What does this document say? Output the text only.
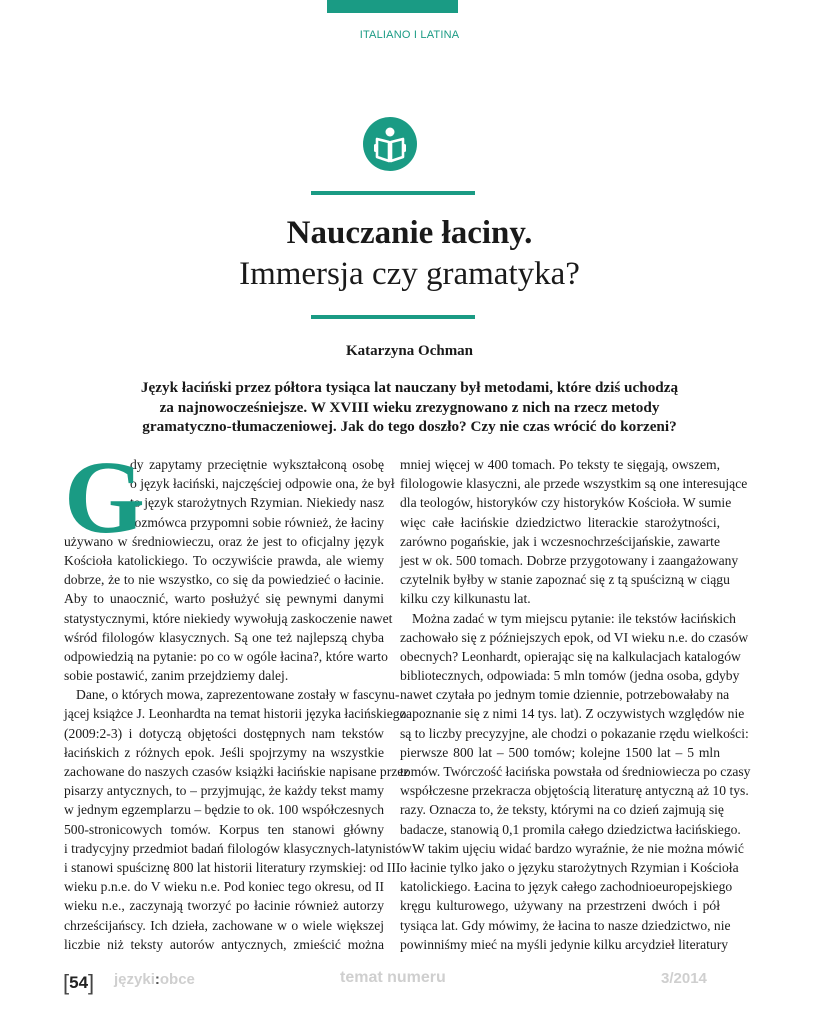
ITALIANO I LATINA
Nauczanie łaciny.
Immersja czy gramatyka?
Katarzyna Ochman
Język łaciński przez półtora tysiąca lat nauczany był metodami, które dziś uchodzą
za najnowocześniejsze. W XVIII wieku zrezygnowano z nich na rzecz metody
gramatyczno-tłumaczeniowej. Jak do tego doszło? Czy nie czas wrócić do korzeni?
G
dy zapytamy przeciętnie wykształconą osobę
o język łaciński, najczęściej odpowie ona, że był
to język starożytnych Rzymian. Niekiedy nasz
rozmówca przypomni sobie również, że łaciny
używano w średniowieczu, oraz że jest to oficjalny język
Kościoła katolickiego. To oczywiście prawda, ale wiemy
dobrze, że to nie wszystko, co się da powiedzieć o łacinie.
Aby to unaocznić, warto posłużyć się pewnymi danymi
statystycznymi, które niekiedy wywołują zaskoczenie nawet
wśród filologów klasycznych. Są one też najlepszą chyba
odpowiedzią na pytanie: po co w ogóle łacina?, które warto
sobie postawić, zanim przejdziemy dalej.
Dane, o których mowa, zaprezentowane zostały w fascynu-
jącej książce J. Leonhardta na temat historii języka łacińskiego
(2009:2-3) i dotyczą objętości dostępnych nam tekstów
łacińskich z różnych epok. Jeśli spojrzymy na wszystkie
zachowane do naszych czasów książki łacińskie napisane przez
pisarzy antycznych, to – przyjmując, że każdy tekst mamy
w jednym egzemplarzu – będzie to ok. 100 współczesnych
500-stronicowych tomów. Korpus ten stanowi główny
i tradycyjny przedmiot badań filologów klasycznych-latynistów
i stanowi spuściznę 800 lat historii literatury rzymskiej: od III
wieku p.n.e. do V wieku n.e. Pod koniec tego okresu, od II
wieku n.e., zaczynają tworzyć po łacinie również autorzy
chrześcijańscy. Ich dzieła, zachowane w o wiele większej
liczbie niż teksty autorów antycznych, zmieścić można
mniej więcej w 400 tomach. Po teksty te sięgają, owszem,
filologowie klasyczni, ale przede wszystkim są one interesujące
dla teologów, historyków czy historyków Kościoła. W sumie
więc całe łacińskie dziedzictwo literackie starożytności,
zarówno pogańskie, jak i wczesnochrześcijańskie, zawarte
jest w ok. 500 tomach. Dobrze przygotowany i zaangażowany
czytelnik byłby w stanie zapoznać się z tą spuścizną w ciągu
kilku czy kilkunastu lat.
Można zadać w tym miejscu pytanie: ile tekstów łacińskich
zachowało się z późniejszych epok, od VI wieku n.e. do czasów
obecnych? Leonhardt, opierając się na kalkulacjach katalogów
bibliotecznych, odpowiada: 5 mln tomów (jedna osoba, gdyby
nawet czytała po jednym tomie dziennie, potrzebowałaby na
zapoznanie się z nimi 14 tys. lat). Z oczywistych względów nie
są to liczby precyzyjne, ale chodzi o pokazanie rzędu wielkości:
pierwsze 800 lat – 500 tomów; kolejne 1500 lat – 5 mln
tomów. Twórczość łacińska powstała od średniowiecza po czasy
współczesne przekracza objętością literaturę antyczną aż 10 tys.
razy. Oznacza to, że teksty, którymi na co dzień zajmują się
badacze, stanowią 0,1 promila całego dziedzictwa łacińskiego.
W takim ujęciu widać bardzo wyraźnie, że nie można mówić
o łacinie tylko jako o języku starożytnych Rzymian i Kościoła
katolickiego. Łacina to język całego zachodnioeuropejskiego
kręgu kulturowego, używany na przestrzeni dwóch i pół
tysiąca lat. Gdy mówimy, że łacina to nasze dziedzictwo, nie
powinniśmy mieć na myśli jedynie kilku arcydzieł literatury
[54] języki:obce	temat numeru	3/2014
